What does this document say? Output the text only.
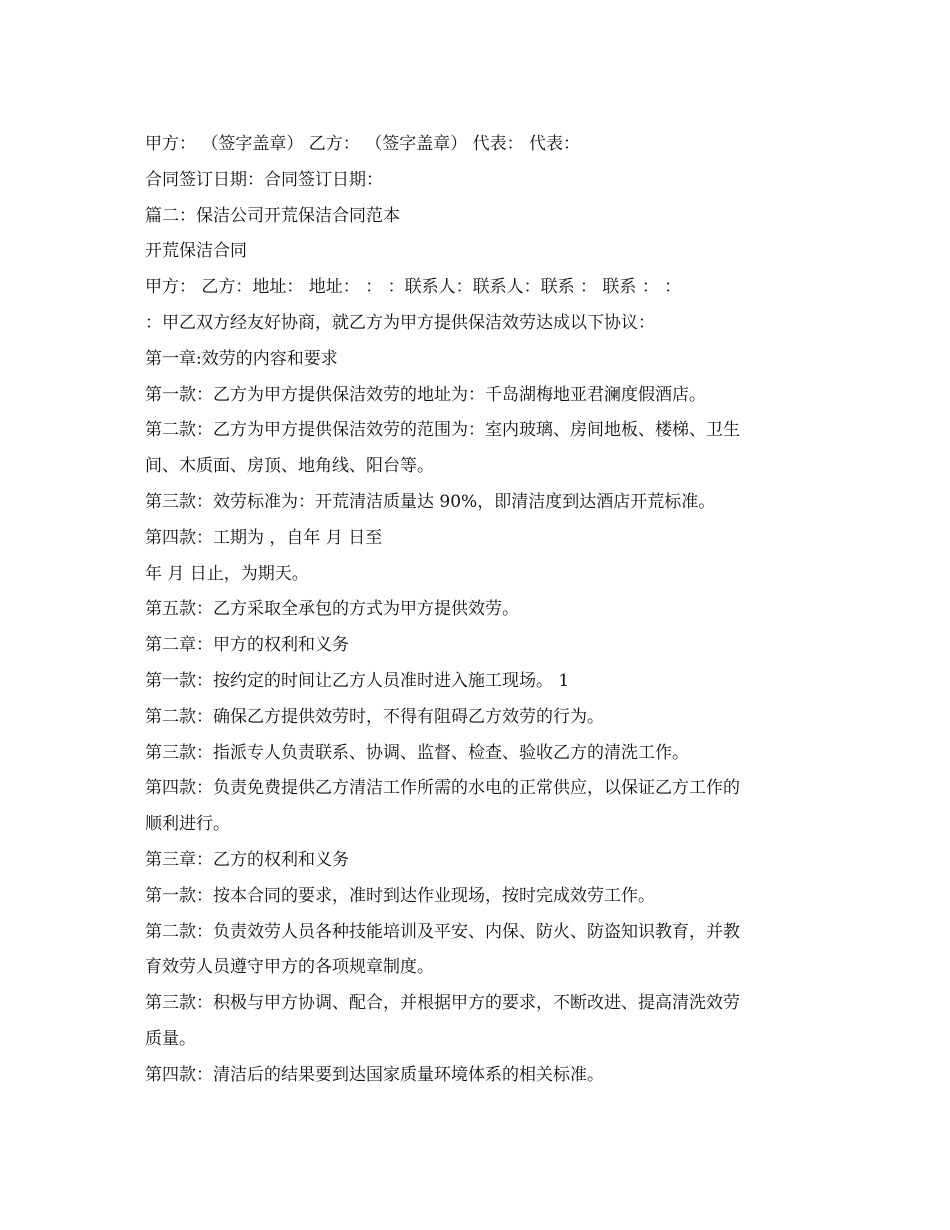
甲方： （签字盖章） 乙方： （签字盖章） 代表： 代表：
合同签订日期：合同签订日期：
篇二：保洁公司开荒保洁合同范本
开荒保洁合同
甲方： 乙方：地址： 地址： ： ：联系人：联系人：联系 ： 联系 ： ：
：甲乙双方经友好协商，就乙方为甲方提供保洁效劳达成以下协议：
第一章:效劳的内容和要求
第一款：乙方为甲方提供保洁效劳的地址为：千岛湖梅地亚君澜度假酒店。
第二款：乙方为甲方提供保洁效劳的范围为：室内玻璃、房间地板、楼梯、卫生
间、木质面、房顶、地角线、阳台等。
第三款：效劳标准为：开荒清洁质量达 90%，即清洁度到达酒店开荒标准。
第四款：工期为 ，自年 月 日至
年 月 日止，为期天。
第五款：乙方采取全承包的方式为甲方提供效劳。
第二章：甲方的权利和义务
第一款：按约定的时间让乙方人员准时进入施工现场。 1
第二款：确保乙方提供效劳时，不得有阻碍乙方效劳的行为。
第三款：指派专人负责联系、协调、监督、检查、验收乙方的清洗工作。
第四款：负责免费提供乙方清洁工作所需的水电的正常供应，以保证乙方工作的
顺利进行。
第三章：乙方的权利和义务
第一款：按本合同的要求，准时到达作业现场，按时完成效劳工作。
第二款：负责效劳人员各种技能培训及平安、内保、防火、防盗知识教育，并教
育效劳人员遵守甲方的各项规章制度。
第三款：积极与甲方协调、配合，并根据甲方的要求，不断改进、提高清洗效劳
质量。
第四款：清洁后的结果要到达国家质量环境体系的相关标准。
